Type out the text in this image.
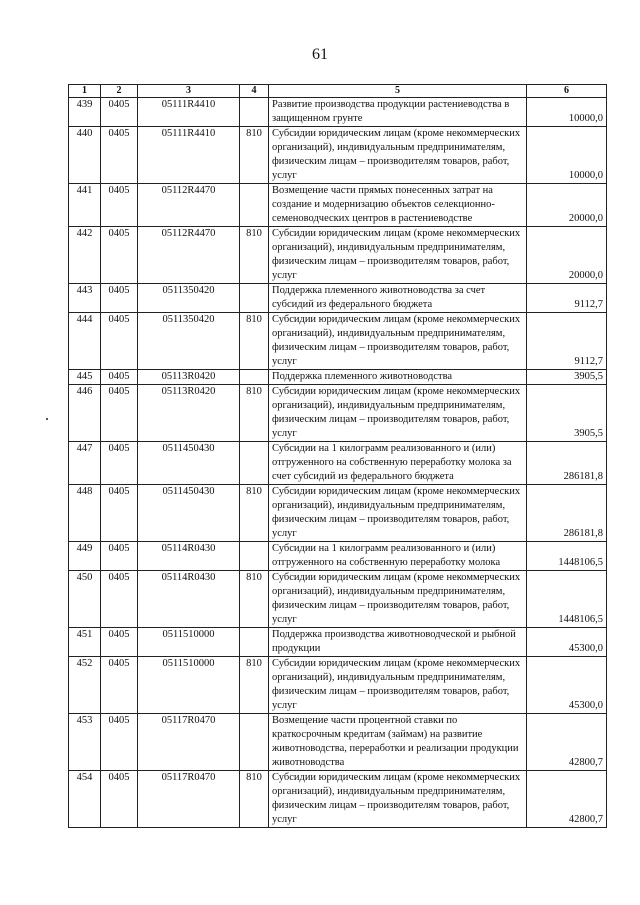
61
1	2	3	4	5	6
439	0405	05111R4410		Развитие производства продукции растениеводства в защищенном грунте	10000,0
440	0405	05111R4410	810	Субсидии юридическим лицам (кроме некоммерческих организаций), индивидуальным предпринимателям, физическим лицам – производителям товаров, работ, услуг	10000,0
441	0405	05112R4470		Возмещение части прямых понесенных затрат на создание и модернизацию объектов селекционно-семеноводческих центров в растениеводстве	20000,0
442	0405	05112R4470	810	Субсидии юридическим лицам (кроме некоммерческих организаций), индивидуальным предпринимателям, физическим лицам – производителям товаров, работ, услуг	20000,0
443	0405	0511350420		Поддержка племенного животноводства за счет субсидий из федерального бюджета	9112,7
444	0405	0511350420	810	Субсидии юридическим лицам (кроме некоммерческих организаций), индивидуальным предпринимателям, физическим лицам – производителям товаров, работ, услуг	9112,7
445	0405	05113R0420		Поддержка племенного животноводства	3905,5
446	0405	05113R0420	810	Субсидии юридическим лицам (кроме некоммерческих организаций), индивидуальным предпринимателям, физическим лицам – производителям товаров, работ, услуг	3905,5
447	0405	0511450430		Субсидии на 1 килограмм реализованного и (или) отгруженного на собственную переработку молока за счет субсидий из федерального бюджета	286181,8
448	0405	0511450430	810	Субсидии юридическим лицам (кроме некоммерческих организаций), индивидуальным предпринимателям, физическим лицам – производителям товаров, работ, услуг	286181,8
449	0405	05114R0430		Субсидии на 1 килограмм реализованного и (или) отгруженного на собственную переработку молока	1448106,5
450	0405	05114R0430	810	Субсидии юридическим лицам (кроме некоммерческих организаций), индивидуальным предпринимателям, физическим лицам – производителям товаров, работ, услуг	1448106,5
451	0405	0511510000		Поддержка производства животноводческой и рыбной продукции	45300,0
452	0405	0511510000	810	Субсидии юридическим лицам (кроме некоммерческих организаций), индивидуальным предпринимателям, физическим лицам – производителям товаров, работ, услуг	45300,0
453	0405	05117R0470		Возмещение части процентной ставки по краткосрочным кредитам (займам) на развитие животноводства, переработки и реализации продукции животноводства	42800,7
454	0405	05117R0470	810	Субсидии юридическим лицам (кроме некоммерческих организаций), индивидуальным предпринимателям, физическим лицам – производителям товаров, работ, услуг	42800,7
